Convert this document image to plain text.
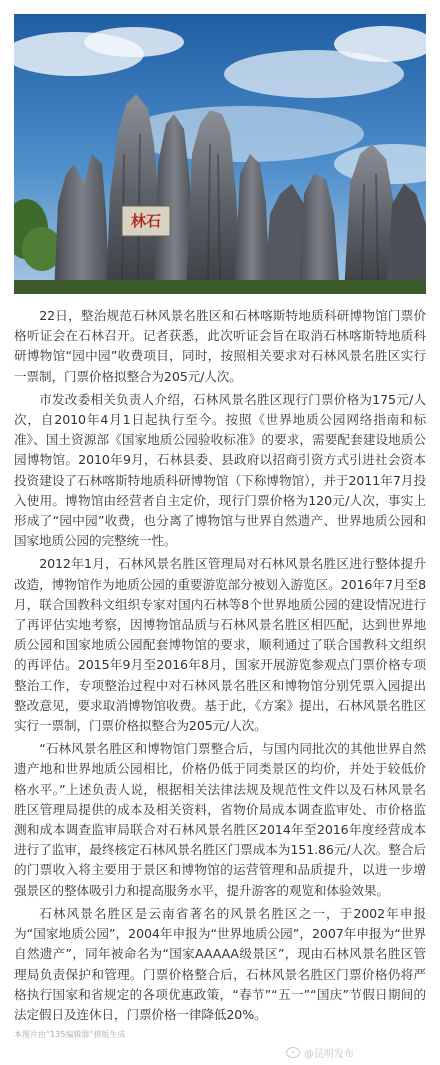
林石

22日，整治规范石林风景名胜区和石林喀斯特地质科研博物馆门票价格听证会在石林召开。记者获悉，此次听证会旨在取消石林喀斯特地质科研博物馆“园中园”收费项目，同时，按照相关要求对石林风景名胜区实行一票制，门票价格拟整合为205元/人次。

市发改委相关负责人介绍，石林风景名胜区现行门票价格为175元/人次，自2010年4月1日起执行至今。按照《世界地质公园网络指南和标准》、国土资源部《国家地质公园验收标准》的要求，需要配套建设地质公园博物馆。2010年9月，石林县委、县政府以招商引资方式引进社会资本投资建设了石林喀斯特地质科研博物馆（下称博物馆），并于2011年7月投入使用。博物馆由经营者自主定价，现行门票价格为120元/人次，事实上形成了“园中园”收费，也分离了博物馆与世界自然遗产、世界地质公园和国家地质公园的完整统一性。

2012年1月，石林风景名胜区管理局对石林风景名胜区进行整体提升改造，博物馆作为地质公园的重要游览部分被划入游览区。2016年7月至8月，联合国教科文组织专家对国内石林等8个世界地质公园的建设情况进行了再评估实地考察，因博物馆品质与石林风景名胜区相匹配，达到世界地质公园和国家地质公园配套博物馆的要求，顺利通过了联合国教科文组织的再评估。2015年9月至2016年8月，国家开展游览参观点门票价格专项整治工作，专项整治过程中对石林风景名胜区和博物馆分别凭票入园提出整改意见，要求取消博物馆收费。基于此，《方案》提出，石林风景名胜区实行一票制，门票价格拟整合为205元/人次。

“石林风景名胜区和博物馆门票整合后，与国内同批次的其他世界自然遗产地和世界地质公园相比，价格仍低于同类景区的均价，并处于较低价格水平。”上述负责人说，根据相关法律法规及规范性文件以及石林风景名胜区管理局提供的成本及相关资料，省物价局成本调查监审处、市价格监测和成本调查监审局联合对石林风景名胜区2014年至2016年度经营成本进行了监审，最终核定石林风景名胜区门票成本为151.86元/人次。整合后的门票收入将主要用于景区和博物馆的运营管理和品质提升，以进一步增强景区的整体吸引力和提高服务水平，提升游客的观览和体验效果。

石林风景名胜区是云南省著名的风景名胜区之一，于2002年申报为“国家地质公园”，2004年申报为“世界地质公园”，2007年申报为“世界自然遗产”，同年被命名为“国家AAAAA级景区”，现由石林风景名胜区管理局负责保护和管理。门票价格整合后，石林风景名胜区门票价格仍将严格执行国家和省规定的各项优惠政策，“春节”“五一”“国庆”节假日期间的法定假日及连休日，门票价格一律降低20%。

本图片由“135编辑器”排版生成
@昆明发布
